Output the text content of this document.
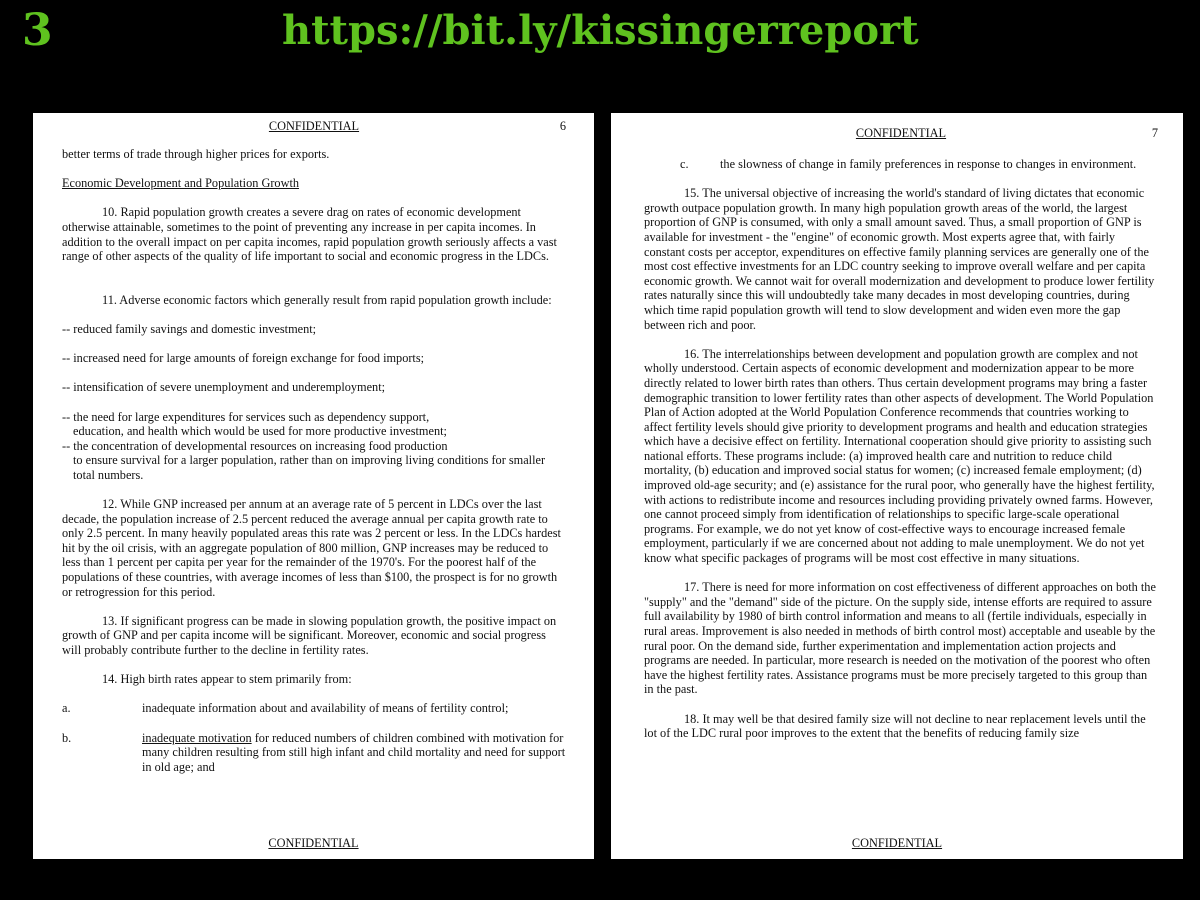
3	https://bit.ly/kissingerreport
CONFIDENTIAL	6

better terms of trade through higher prices for exports.

Economic Development and Population Growth

10. Rapid population growth creates a severe drag on rates of economic development otherwise attainable, sometimes to the point of preventing any increase in per capita incomes. In addition to the overall impact on per capita incomes, rapid population growth seriously affects a vast range of other aspects of the quality of life important to social and economic progress in the LDCs.

11. Adverse economic factors which generally result from rapid population growth include:

-- reduced family savings and domestic investment;

-- increased need for large amounts of foreign exchange for food imports;

-- intensification of severe unemployment and underemployment;

-- the need for large expenditures for services such as dependency support,
education, and health which would be used for more productive investment;

-- the concentration of developmental resources on increasing food production
to ensure survival for a larger population, rather than on improving living conditions for smaller total numbers.

12. While GNP increased per annum at an average rate of 5 percent in LDCs over the last decade, the population increase of 2.5 percent reduced the average annual per capita growth rate to only 2.5 percent. In many heavily populated areas this rate was 2 percent or less. In the LDCs hardest hit by the oil crisis, with an aggregate population of 800 million, GNP increases may be reduced to less than 1 percent per capita per year for the remainder of the 1970's. For the poorest half of the populations of these countries, with average incomes of less than $100, the prospect is for no growth or retrogression for this period.

13. If significant progress can be made in slowing population growth, the positive impact on growth of GNP and per capita income will be significant. Moreover, economic and social progress will probably contribute further to the decline in fertility rates.

14. High birth rates appear to stem primarily from:

a.	inadequate information about and availability of means of fertility control;
b.	inadequate motivation for reduced numbers of children combined with motivation for many children resulting from still high infant and child mortality and need for support in old age; and
CONFIDENTIAL
CONFIDENTIAL	7
c.	the slowness of change in family preferences in response to changes in environment.

15. The universal objective of increasing the world's standard of living dictates that economic growth outpace population growth. In many high population growth areas of the world, the largest proportion of GNP is consumed, with only a small amount saved. Thus, a small proportion of GNP is available for investment - the "engine" of economic growth. Most experts agree that, with fairly constant costs per acceptor, expenditures on effective family planning services are generally one of the most cost effective investments for an LDC country seeking to improve overall welfare and per capita economic growth. We cannot wait for overall modernization and development to produce lower fertility rates naturally since this will undoubtedly take many decades in most developing countries, during which time rapid population growth will tend to slow development and widen even more the gap between rich and poor.

16. The interrelationships between development and population growth are complex and not wholly understood. Certain aspects of economic development and modernization appear to be more directly related to lower birth rates than others. Thus certain development programs may bring a faster demographic transition to lower fertility rates than other aspects of development. The World Population Plan of Action adopted at the World Population Conference recommends that countries working to affect fertility levels should give priority to development programs and health and education strategies which have a decisive effect on fertility. International cooperation should give priority to assisting such national efforts. These programs include: (a) improved health care and nutrition to reduce child mortality, (b) education and improved social status for women; (c) increased female employment; (d) improved old-age security; and (e) assistance for the rural poor, who generally have the highest fertility, with actions to redistribute income and resources including providing privately owned farms. However, one cannot proceed simply from identification of relationships to specific large-scale operational programs. For example, we do not yet know of cost-effective ways to encourage increased female employment, particularly if we are concerned about not adding to male unemployment. We do not yet know what specific packages of programs will be most cost effective in many situations.

17. There is need for more information on cost effectiveness of different approaches on both the "supply" and the "demand" side of the picture. On the supply side, intense efforts are required to assure full availability by 1980 of birth control information and means to all (fertile individuals, especially in rural areas. Improvement is also needed in methods of birth control most) acceptable and useable by the rural poor. On the demand side, further experimentation and implementation action projects and programs are needed. In particular, more research is needed on the motivation of the poorest who often have the highest fertility rates. Assistance programs must be more precisely targeted to this group than in the past.

18. It may well be that desired family size will not decline to near replacement levels until the lot of the LDC rural poor improves to the extent that the benefits of reducing family size

CONFIDENTIAL
